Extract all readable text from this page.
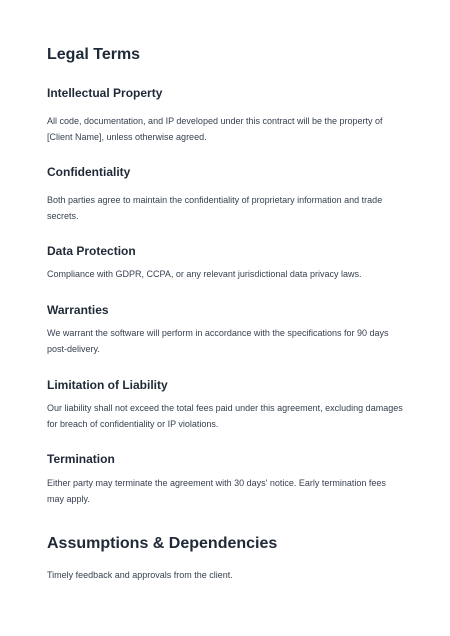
Legal Terms
Intellectual Property

All code, documentation, and IP developed under this contract will be the property of [Client Name], unless otherwise agreed.

Confidentiality

Both parties agree to maintain the confidentiality of proprietary information and trade secrets.

Data Protection

Compliance with GDPR, CCPA, or any relevant jurisdictional data privacy laws.

Warranties

We warrant the software will perform in accordance with the specifications for 90 days post-delivery.

Limitation of Liability

Our liability shall not exceed the total fees paid under this agreement, excluding damages for breach of confidentiality or IP violations.

Termination

Either party may terminate the agreement with 30 days' notice. Early termination fees may apply.

Assumptions & Dependencies

Timely feedback and approvals from the client.
